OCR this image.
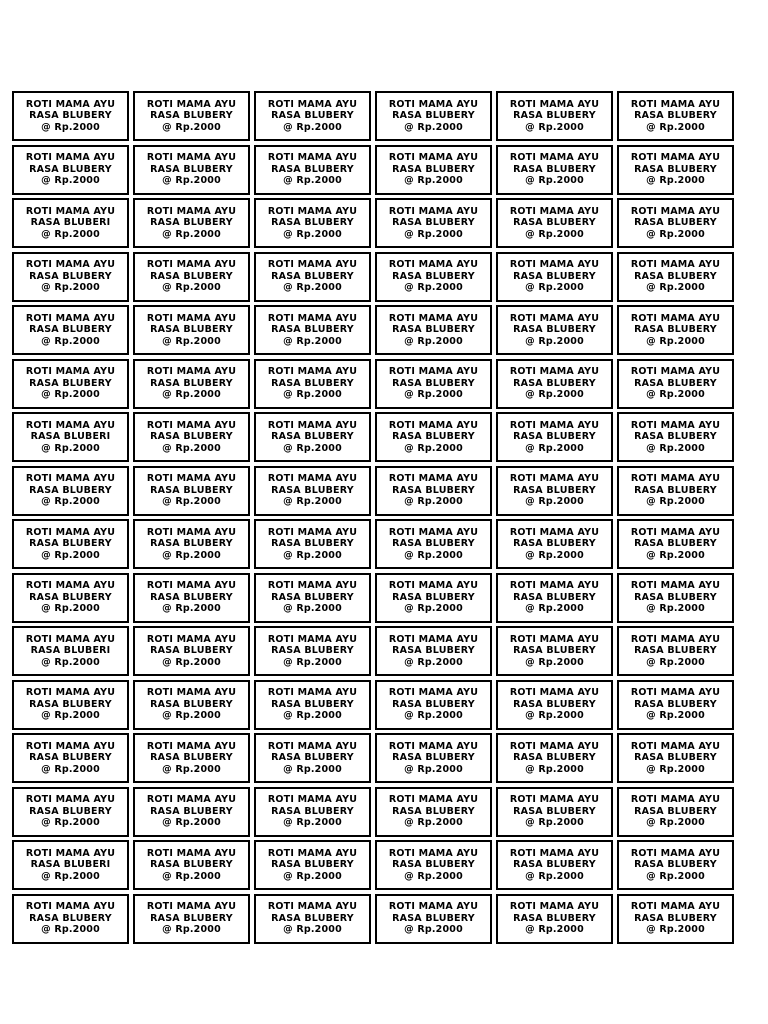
ROTI MAMA AYU
RASA BLUBERY
@ Rp.2000
ROTI MAMA AYU
RASA BLUBERY
@ Rp.2000
ROTI MAMA AYU
RASA BLUBERY
@ Rp.2000
ROTI MAMA AYU
RASA BLUBERY
@ Rp.2000
ROTI MAMA AYU
RASA BLUBERY
@ Rp.2000
ROTI MAMA AYU
RASA BLUBERY
@ Rp.2000
ROTI MAMA AYU
RASA BLUBERY
@ Rp.2000
ROTI MAMA AYU
RASA BLUBERY
@ Rp.2000
ROTI MAMA AYU
RASA BLUBERY
@ Rp.2000
ROTI MAMA AYU
RASA BLUBERY
@ Rp.2000
ROTI MAMA AYU
RASA BLUBERY
@ Rp.2000
ROTI MAMA AYU
RASA BLUBERY
@ Rp.2000
ROTI MAMA AYU
RASA BLUBERI
@ Rp.2000
ROTI MAMA AYU
RASA BLUBERY
@ Rp.2000
ROTI MAMA AYU
RASA BLUBERY
@ Rp.2000
ROTI MAMA AYU
RASA BLUBERY
@ Rp.2000
ROTI MAMA AYU
RASA BLUBERY
@ Rp.2000
ROTI MAMA AYU
RASA BLUBERY
@ Rp.2000
ROTI MAMA AYU
RASA BLUBERY
@ Rp.2000
ROTI MAMA AYU
RASA BLUBERY
@ Rp.2000
ROTI MAMA AYU
RASA BLUBERY
@ Rp.2000
ROTI MAMA AYU
RASA BLUBERY
@ Rp.2000
ROTI MAMA AYU
RASA BLUBERY
@ Rp.2000
ROTI MAMA AYU
RASA BLUBERY
@ Rp.2000
ROTI MAMA AYU
RASA BLUBERY
@ Rp.2000
ROTI MAMA AYU
RASA BLUBERY
@ Rp.2000
ROTI MAMA AYU
RASA BLUBERY
@ Rp.2000
ROTI MAMA AYU
RASA BLUBERY
@ Rp.2000
ROTI MAMA AYU
RASA BLUBERY
@ Rp.2000
ROTI MAMA AYU
RASA BLUBERY
@ Rp.2000
ROTI MAMA AYU
RASA BLUBERY
@ Rp.2000
ROTI MAMA AYU
RASA BLUBERY
@ Rp.2000
ROTI MAMA AYU
RASA BLUBERY
@ Rp.2000
ROTI MAMA AYU
RASA BLUBERY
@ Rp.2000
ROTI MAMA AYU
RASA BLUBERY
@ Rp.2000
ROTI MAMA AYU
RASA BLUBERY
@ Rp.2000
ROTI MAMA AYU
RASA BLUBERI
@ Rp.2000
ROTI MAMA AYU
RASA BLUBERY
@ Rp.2000
ROTI MAMA AYU
RASA BLUBERY
@ Rp.2000
ROTI MAMA AYU
RASA BLUBERY
@ Rp.2000
ROTI MAMA AYU
RASA BLUBERY
@ Rp.2000
ROTI MAMA AYU
RASA BLUBERY
@ Rp.2000
ROTI MAMA AYU
RASA BLUBERY
@ Rp.2000
ROTI MAMA AYU
RASA BLUBERY
@ Rp.2000
ROTI MAMA AYU
RASA BLUBERY
@ Rp.2000
ROTI MAMA AYU
RASA BLUBERY
@ Rp.2000
ROTI MAMA AYU
RASA BLUBERY
@ Rp.2000
ROTI MAMA AYU
RASA BLUBERY
@ Rp.2000
ROTI MAMA AYU
RASA BLUBERY
@ Rp.2000
ROTI MAMA AYU
RASA BLUBERY
@ Rp.2000
ROTI MAMA AYU
RASA BLUBERY
@ Rp.2000
ROTI MAMA AYU
RASA BLUBERY
@ Rp.2000
ROTI MAMA AYU
RASA BLUBERY
@ Rp.2000
ROTI MAMA AYU
RASA BLUBERY
@ Rp.2000
ROTI MAMA AYU
RASA BLUBERY
@ Rp.2000
ROTI MAMA AYU
RASA BLUBERY
@ Rp.2000
ROTI MAMA AYU
RASA BLUBERY
@ Rp.2000
ROTI MAMA AYU
RASA BLUBERY
@ Rp.2000
ROTI MAMA AYU
RASA BLUBERY
@ Rp.2000
ROTI MAMA AYU
RASA BLUBERY
@ Rp.2000
ROTI MAMA AYU
RASA BLUBERI
@ Rp.2000
ROTI MAMA AYU
RASA BLUBERY
@ Rp.2000
ROTI MAMA AYU
RASA BLUBERY
@ Rp.2000
ROTI MAMA AYU
RASA BLUBERY
@ Rp.2000
ROTI MAMA AYU
RASA BLUBERY
@ Rp.2000
ROTI MAMA AYU
RASA BLUBERY
@ Rp.2000
ROTI MAMA AYU
RASA BLUBERY
@ Rp.2000
ROTI MAMA AYU
RASA BLUBERY
@ Rp.2000
ROTI MAMA AYU
RASA BLUBERY
@ Rp.2000
ROTI MAMA AYU
RASA BLUBERY
@ Rp.2000
ROTI MAMA AYU
RASA BLUBERY
@ Rp.2000
ROTI MAMA AYU
RASA BLUBERY
@ Rp.2000
ROTI MAMA AYU
RASA BLUBERY
@ Rp.2000
ROTI MAMA AYU
RASA BLUBERY
@ Rp.2000
ROTI MAMA AYU
RASA BLUBERY
@ Rp.2000
ROTI MAMA AYU
RASA BLUBERY
@ Rp.2000
ROTI MAMA AYU
RASA BLUBERY
@ Rp.2000
ROTI MAMA AYU
RASA BLUBERY
@ Rp.2000
ROTI MAMA AYU
RASA BLUBERY
@ Rp.2000
ROTI MAMA AYU
RASA BLUBERY
@ Rp.2000
ROTI MAMA AYU
RASA BLUBERY
@ Rp.2000
ROTI MAMA AYU
RASA BLUBERY
@ Rp.2000
ROTI MAMA AYU
RASA BLUBERY
@ Rp.2000
ROTI MAMA AYU
RASA BLUBERY
@ Rp.2000
ROTI MAMA AYU
RASA BLUBERI
@ Rp.2000
ROTI MAMA AYU
RASA BLUBERY
@ Rp.2000
ROTI MAMA AYU
RASA BLUBERY
@ Rp.2000
ROTI MAMA AYU
RASA BLUBERY
@ Rp.2000
ROTI MAMA AYU
RASA BLUBERY
@ Rp.2000
ROTI MAMA AYU
RASA BLUBERY
@ Rp.2000
ROTI MAMA AYU
RASA BLUBERY
@ Rp.2000
ROTI MAMA AYU
RASA BLUBERY
@ Rp.2000
ROTI MAMA AYU
RASA BLUBERY
@ Rp.2000
ROTI MAMA AYU
RASA BLUBERY
@ Rp.2000
ROTI MAMA AYU
RASA BLUBERY
@ Rp.2000
ROTI MAMA AYU
RASA BLUBERY
@ Rp.2000
